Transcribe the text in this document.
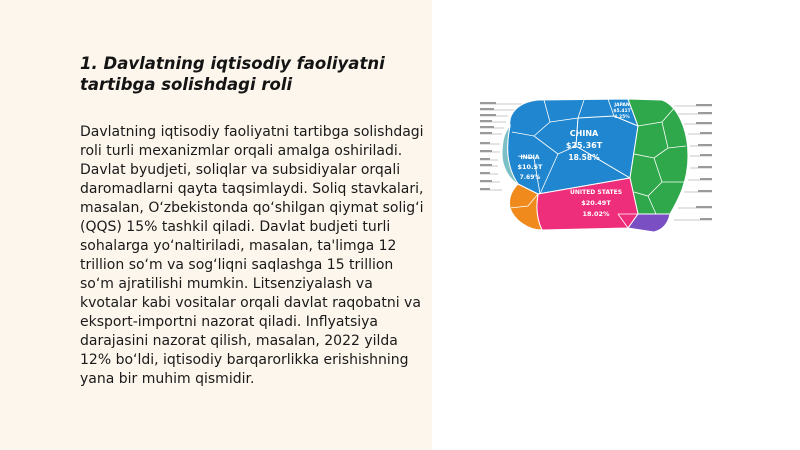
1. Davlatning iqtisodiy faoliyatni tartibga solishdagi roli

Davlatning iqtisodiy faoliyatni tartibga solishdagi roli turli mexanizmlar orqali amalga oshiriladi. Davlat byudjeti, soliqlar va subsidiyalar orqali daromadlarni qayta taqsimlaydi. Soliq stavkalari, masalan, O‘zbekistonda qo‘shilgan qiymat solig‘i (QQS) 15% tashkil qiladi. Davlat budjeti turli sohalarga yo‘naltiriladi, masalan, ta'limga 12 trillion so‘m va sog‘liqni saqlashga 15 trillion so‘m ajratilishi mumkin. Litsenziyalash va kvotalar kabi vositalar orqali davlat raqobatni va eksport-importni nazorat qiladi. Inflyatsiya darajasini nazorat qilish, masalan, 2022 yilda 12% bo‘ldi, iqtisodiy barqarorlikka erishishning yana bir muhim qismidir.

CHINA
$25.36T
18.58%
UNITED STATES
$20.49T
18.02%
INDIA
$10.5T
7.69%
JAPAN
$5.41T
4.25%
